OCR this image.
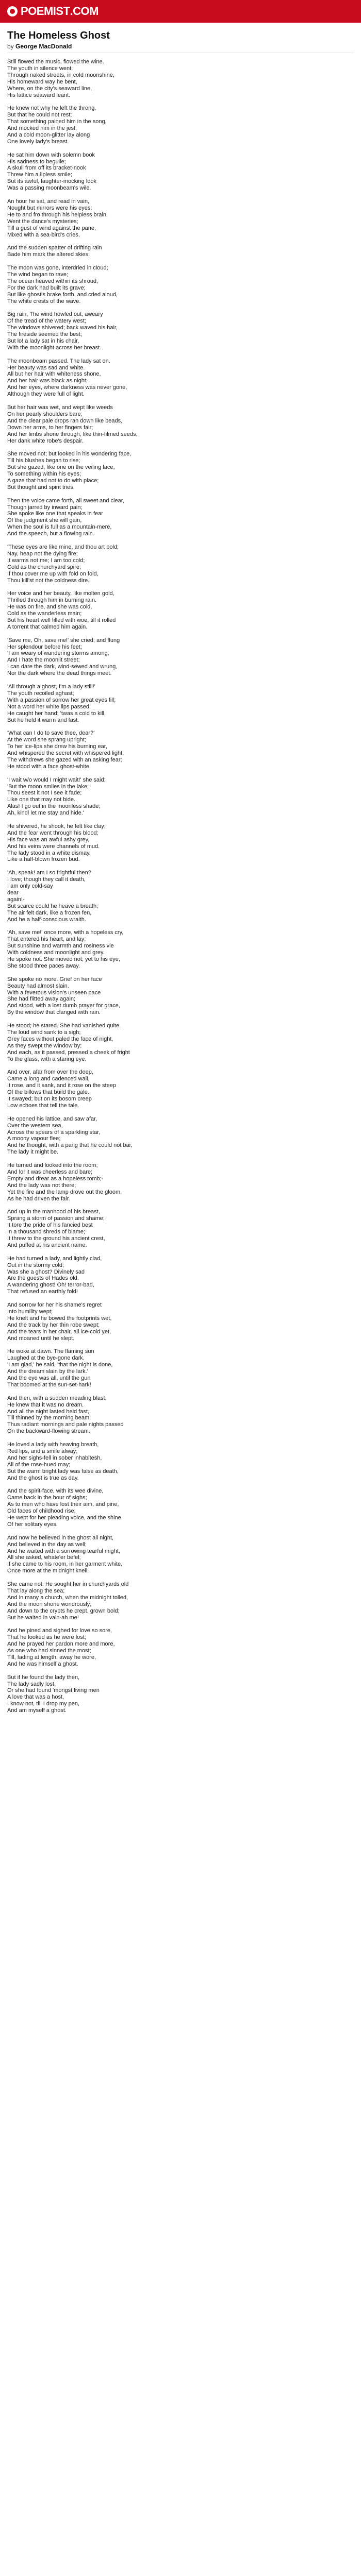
POEMIST .COM
The Homeless Ghost
by George MacDonald
Still flowed the music, flowed the wine.
The youth in silence went;
Through naked streets, in cold moonshine,
His homeward way he bent,
Where, on the city's seaward line,
His lattice seaward leant.
He knew not why he left the throng,
But that he could not rest;
That something pained him in the song,
And mocked him in the jest;
And a cold moon-glitter lay along
One lovely lady's breast.
He sat him down with solemn book
His sadness to beguile;
A skull from off its bracket-nook
Threw him a lipless smile;
But its awful, laughter-mocking look
Was a passing moonbeam's wile.
An hour he sat, and read in vain,
Nought but mirrors were his eyes;
He to and fro through his helpless brain,
Went the dance's mysteries;
Till a gust of wind against the pane,
Mixed with a sea-bird's cries,
And the sudden spatter of drifting rain
Bade him mark the altered skies.
The moon was gone, interdried in cloud;
The wind began to rave;
The ocean heaved within its shroud,
For the dark had built its grave;
But like ghostis brake forth, and cried aloud,
The white crests of the wave.
Big rain, The wind howled out, aweary
Of the tread of the watery west;
The windows shivered; back waved his hair,
The fireside seemed the best;
But lo! a lady sat in his chair,
With the moonlight across her breast.
The moonbeam passed. The lady sat on.
Her beauty was sad and white.
All but her hair with whiteness shone,
And her hair was black as night;
And her eyes, where darkness was never gone,
Although they were full of light.
But her hair was wet, and wept like weeds
On her pearly shoulders bare;
And the clear pale drops ran down like beads,
Down her arms, to her fingers fair;
And her limbs shone through, like thin-filmed seeds,
Her dank white robe's despair.
She moved not; but looked in his wondering face,
Till his blushes began to rise;
But she gazed, like one on the veiling lace,
To something within his eyes;
A gaze that had not to do with place;
But thought and spirit tries.
Then the voice came forth, all sweet and clear,
Though jarred by inward pain;
She spoke like one that speaks in fear
Of the judgment she will gain,
When the soul is full as a mountain-mere,
And the speech, but a flowing rain.
'These eyes are like mine, and thou art bold;
Nay, heap not the dying fire;
It warms not me; I am too cold;
Cold as the churchyard spire;
If thou cover me up with fold on fold,
Thou kill'st not the coldness dire.'
Her voice and her beauty, like molten gold,
Thrilled through him in burning rain.
He was on fire, and she was cold,
Cold as the wanderless main;
But his heart well filled with woe, till it rolled
A torrent that calmed him again.
'Save me, Oh, save me!' she cried; and flung
Her splendour before his feet;
'I am weary of wandering storms among,
And I hate the moonlit street;
I can dare the dark, wind-sewed and wrung,
Nor the dark where the dead things meet.
'All through a ghost, I'm a lady still!'
The youth recoiled aghast;
With a passion of sorrow her great eyes fill;
Not a word her white lips passed;
He caught her hand; 'twas a cold to kill,
But he held it warm and fast.
'What can I do to save thee, dear?'
At the word she sprang upright;
To her ice-lips she drew his burning ear,
And whispered the secret with whispered light;
The withdrews she gazed with an asking fear;
He stood with a face ghost-white.
'I wait w/o would I might wait!' she said;
'But the moon smiles in the lake;
Thou seest it not I see it fade;
Like one that may not bide.
Alas! I go out in the moonless shade;
Ah, kindl let me stay and hide.'
He shivered, he shook, he felt like clay;
And the fear went through his blood;
His face was an awful ashy grey,
And his veins were channels of mud.
The lady stood in a white dismay,
Like a half-blown frozen bud.
'Ah, speak! am I so frightful then?
I love; though they call it death,
I am only cold-say
dear
again!-
But scarce could he heave a breath;
The air felt dark, like a frozen fen,
And he a half-conscious wraith.
'Ah, save me!' once more, with a hopeless cry,
That entered his heart, and lay;
But sunshine and warmth and rosiness vie
With coldness and moonlight and grey.
He spoke not. She moved not; yet to his eye,
She stood three paces away.
She spoke no more. Grief on her face
Beauty had almost slain.
With a feverous vision's unseen pace
She had flitted away again;
And stood, with a lost dumb prayer for grace,
By the window that clanged with rain.
He stood; he stared. She had vanished quite.
The loud wind sank to a sigh;
Grey faces without paled the face of night,
As they swept the window by;
And each, as it passed, pressed a cheek of fright
To the glass, with a staring eye.
And over, afar from over the deep,
Came a long and cadenced wail,
It rose, and it sank, and it rose on the steep
Of the billows that build the gale.
It swayed; but on its bosom creep
Low echoes that tell the tale.
He opened his lattice, and saw afar,
Over the western sea,
Across the spears of a sparkling star,
A moony vapour flee;
And he thought, with a pang that he could not bar,
The lady it might be.
He turned and looked into the room;
And lo! it was cheerless and bare;
Empty and drear as a hopeless tomb;-
And the lady was not there;
Yet the fire and the lamp drove out the gloom,
As he had driven the fair.
And up in the manhood of his breast,
Sprang a storm of passion and shame;
It tore the pride of his fancied best
In a thousand shreds of blame;
It threw to the ground his ancient crest,
And puffed at his ancient name.
He had turned a lady, and lightly clad,
Out in the stormy cold;
Was she a ghost? Divinely sad
Are the guests of Hades old.
A wandering ghost! Oh! terror-bad,
That refused an earthly fold!
And sorrow for her his shame's regret
Into humility wept;
He knelt and he bowed the footprints wet,
And the track by her thin robe swept;
And the tears in her chair, all ice-cold yet,
And moaned until he slept.
He woke at dawn. The flaming sun
Laughed at the bye-gone dark.
'I am glad,' he said, 'that the night is done,
And the dream slain by the lark.'
And the eye was all, until the gun
That boomed at the sun-set-hark!
And then, with a sudden meading blast,
He knew that it was no dream.
And all the night lasted heid fast,
Till thinned by the morning beam,
Thus radiant mornings and pale nights passed
On the backward-flowing stream.
He loved a lady with heaving breath,
Red lips, and a smile alway;
And her sighs-fell in sober inhabitesh,
All of the rose-hued may;
But the warm bright lady was false as death,
And the ghost is true as day.
And the spirit-face, with its wee divine,
Came back in the hour of sighs;
As to men who have lost their aim, and pine,
Old faces of childhood rise;
He wept for her pleading voice, and the shine
Of her solitary eyes.
And now he believed in the ghost all night,
And believed in the day as well;
And he waited with a sorrowing tearful might,
All she asked, whate'er befel;
If she came to his room, in her garment white,
Once more at the midnight knell.
She came not. He sought her in churchyards old
That lay along the sea;
And in many a church, when the midnight tolled,
And the moon shone wondrously;
And down to the crypts he crept, grown bold;
But he waited in vain-ah me!
And he pined and sighed for love so sore,
That he looked as he were lost;
And he prayed her pardon more and more,
As one who had sinned the most;
Till, fading at length, away he wore,
And he was himself a ghost.
But if he found the lady then,
The lady sadly lost,
Or she had found 'mongst living men
A love that was a host,
I know not, till I drop my pen,
And am myself a ghost.
